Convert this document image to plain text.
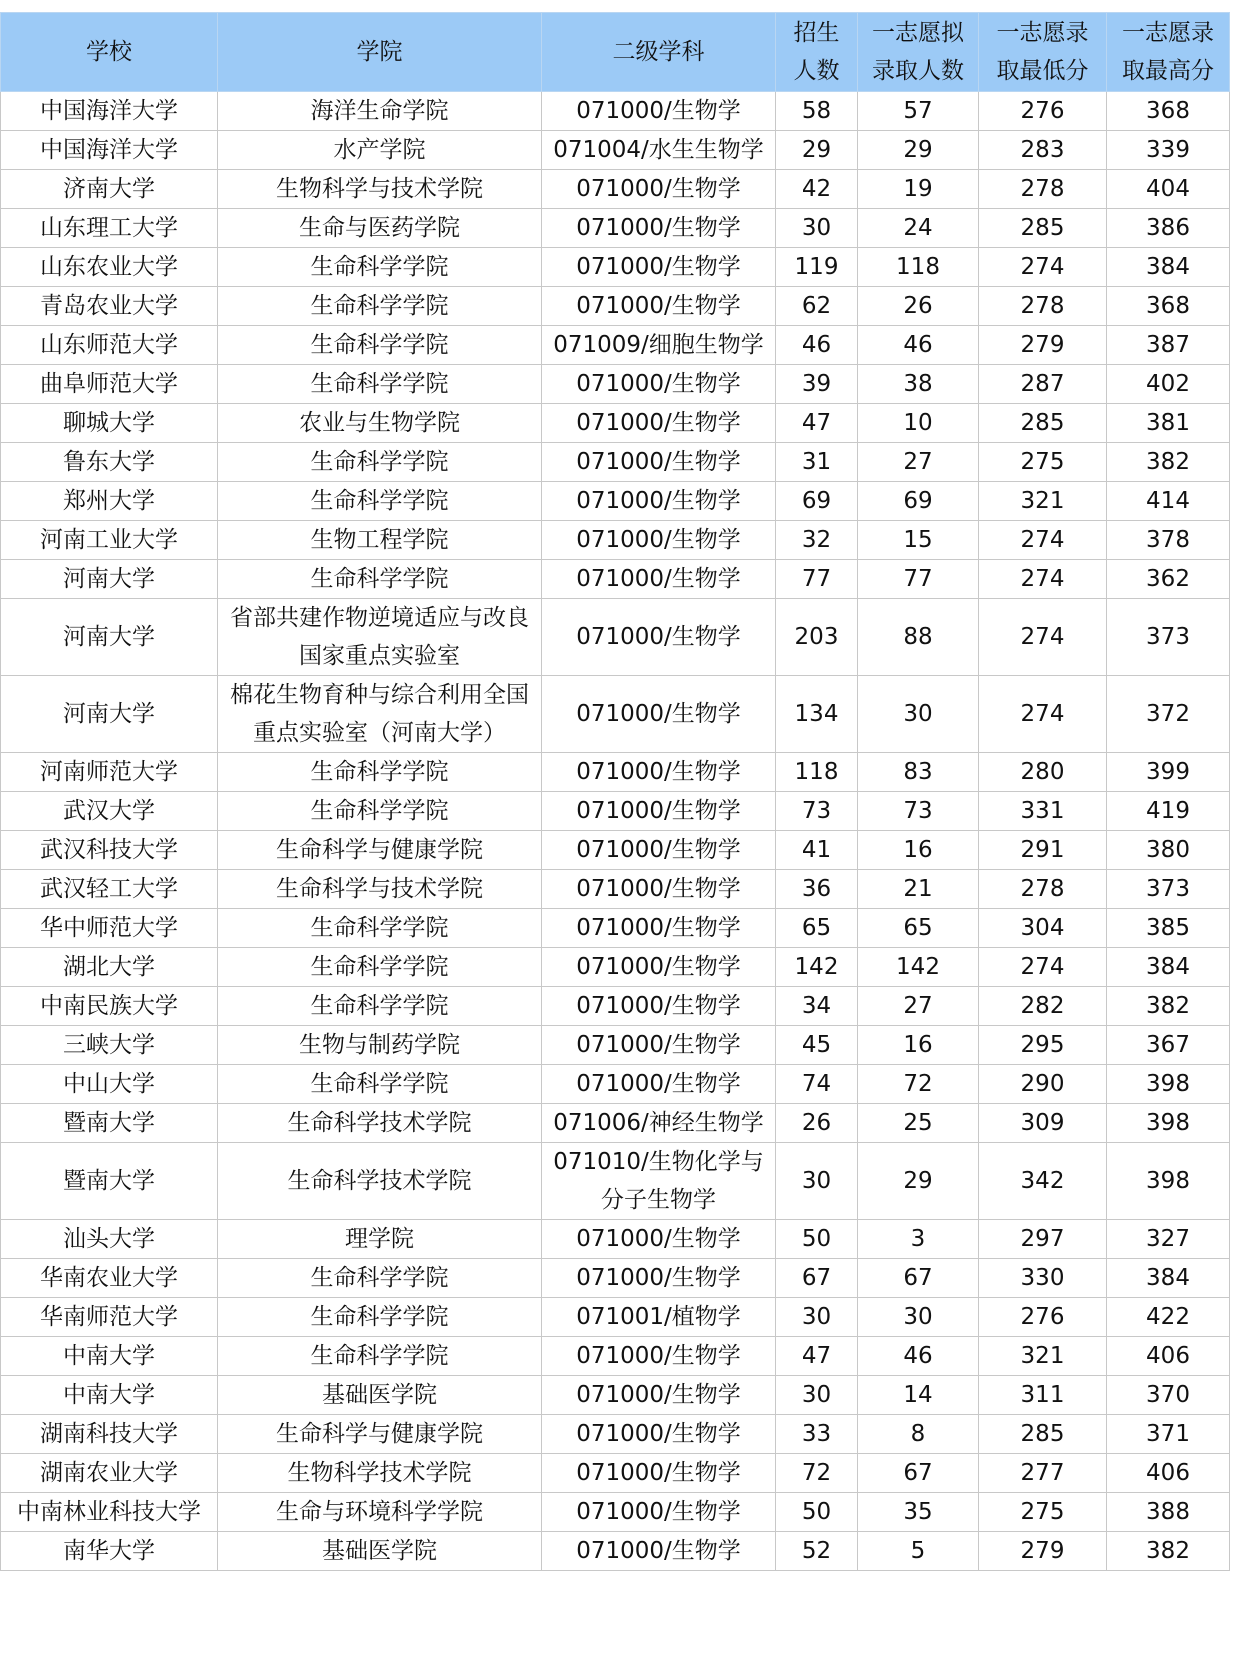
学校	学院	二级学科	招生人数	一志愿拟录取人数	一志愿录取最低分	一志愿录取最高分

中国海洋大学	海洋生命学院	071000/生物学	58	57	276	368
中国海洋大学	水产学院	071004/水生生物学	29	29	283	339
济南大学	生物科学与技术学院	071000/生物学	42	19	278	404
山东理工大学	生命与医药学院	071000/生物学	30	24	285	386
山东农业大学	生命科学学院	071000/生物学	119	118	274	384
青岛农业大学	生命科学学院	071000/生物学	62	26	278	368
山东师范大学	生命科学学院	071009/细胞生物学	46	46	279	387
曲阜师范大学	生命科学学院	071000/生物学	39	38	287	402
聊城大学	农业与生物学院	071000/生物学	47	10	285	381
鲁东大学	生命科学学院	071000/生物学	31	27	275	382
郑州大学	生命科学学院	071000/生物学	69	69	321	414
河南工业大学	生物工程学院	071000/生物学	32	15	274	378
河南大学	生命科学学院	071000/生物学	77	77	274	362
河南大学	省部共建作物逆境适应与改良国家重点实验室	071000/生物学	203	88	274	373
河南大学	棉花生物育种与综合利用全国重点实验室（河南大学）	071000/生物学	134	30	274	372
河南师范大学	生命科学学院	071000/生物学	118	83	280	399
武汉大学	生命科学学院	071000/生物学	73	73	331	419
武汉科技大学	生命科学与健康学院	071000/生物学	41	16	291	380
武汉轻工大学	生命科学与技术学院	071000/生物学	36	21	278	373
华中师范大学	生命科学学院	071000/生物学	65	65	304	385
湖北大学	生命科学学院	071000/生物学	142	142	274	384
中南民族大学	生命科学学院	071000/生物学	34	27	282	382
三峡大学	生物与制药学院	071000/生物学	45	16	295	367
中山大学	生命科学学院	071000/生物学	74	72	290	398
暨南大学	生命科学技术学院	071006/神经生物学	26	25	309	398
暨南大学	生命科学技术学院	071010/生物化学与分子生物学	30	29	342	398
汕头大学	理学院	071000/生物学	50	3	297	327
华南农业大学	生命科学学院	071000/生物学	67	67	330	384
华南师范大学	生命科学学院	071001/植物学	30	30	276	422
中南大学	生命科学学院	071000/生物学	47	46	321	406
中南大学	基础医学院	071000/生物学	30	14	311	370
湖南科技大学	生命科学与健康学院	071000/生物学	33	8	285	371
湖南农业大学	生物科学技术学院	071000/生物学	72	67	277	406
中南林业科技大学	生命与环境科学学院	071000/生物学	50	35	275	388
南华大学	基础医学院	071000/生物学	52	5	279	382
